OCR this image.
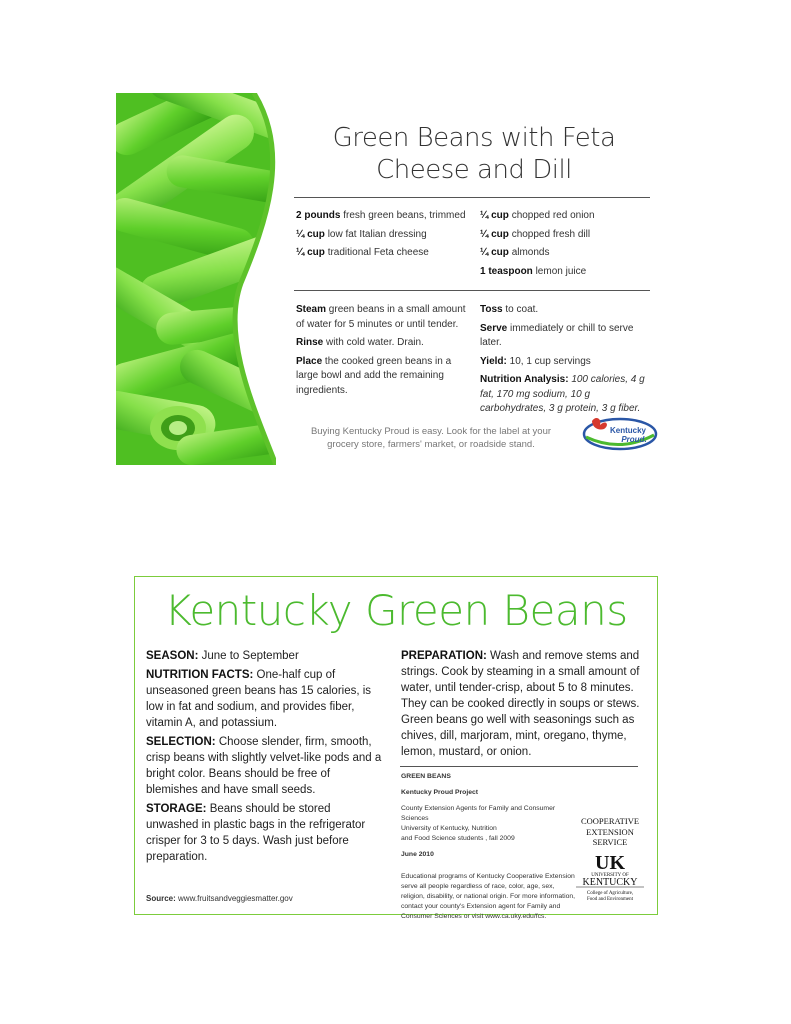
Green Beans with Feta Cheese and Dill

2 pounds fresh green beans, trimmed

¼ cup low fat Italian dressing

¼ cup traditional Feta cheese

¼ cup chopped red onion

¼ cup chopped fresh dill

¼ cup almonds

1 teaspoon lemon juice

Steam green beans in a small amount of water for 5 minutes or until tender.

Rinse with cold water. Drain.

Place the cooked green beans in a large bowl and add the remaining ingredients.

Toss to coat.

Serve immediately or chill to serve later.

Yield: 10, 1 cup servings

Nutrition Analysis: 100 calories, 4 g fat, 170 mg sodium, 10 g carbohydrates, 3 g protein, 3 g fiber.

Buying Kentucky Proud is easy. Look for the label at your grocery store, farmers' market, or roadside stand.
Kentucky
Proud.
Kentucky Green Beans

SEASON: June to September

NUTRITION FACTS: One-half cup of unseasoned green beans has 15 calories, is low in fat and sodium, and provides fiber, vitamin A, and potassium.

SELECTION: Choose slender, firm, smooth, crisp beans with slightly velvet-like pods and a bright color. Beans should be free of blemishes and have small seeds.

STORAGE: Beans should be stored unwashed in plastic bags in the refrigerator crisper for 3 to 5 days. Wash just before preparation.

PREPARATION: Wash and remove stems and strings. Cook by steaming in a small amount of water, until tender-crisp, about 5 to 8 minutes. They can be cooked directly in soups or stews. Green beans go well with seasonings such as chives, dill, marjoram, mint, oregano, thyme, lemon, mustard, or onion.

GREEN BEANS
Kentucky Proud Project
County Extension Agents for Family and Consumer Sciences
University of Kentucky, Nutrition
and Food Science students , fall 2009
June 2010
Educational programs of Kentucky Cooperative Extension serve all people regardless of race, color, age, sex, religion, disability, or national origin. For more information, contact your county's Extension agent for Family and Consumer Sciences or visit www.ca.uky.edu/fcs.
COOPERATIVE
EXTENSION
SERVICE
UK
UNIVERSITY OF
KENTUCKY
College of Agriculture,
Food and Environment
Source: www.fruitsandveggiesmatter.gov
